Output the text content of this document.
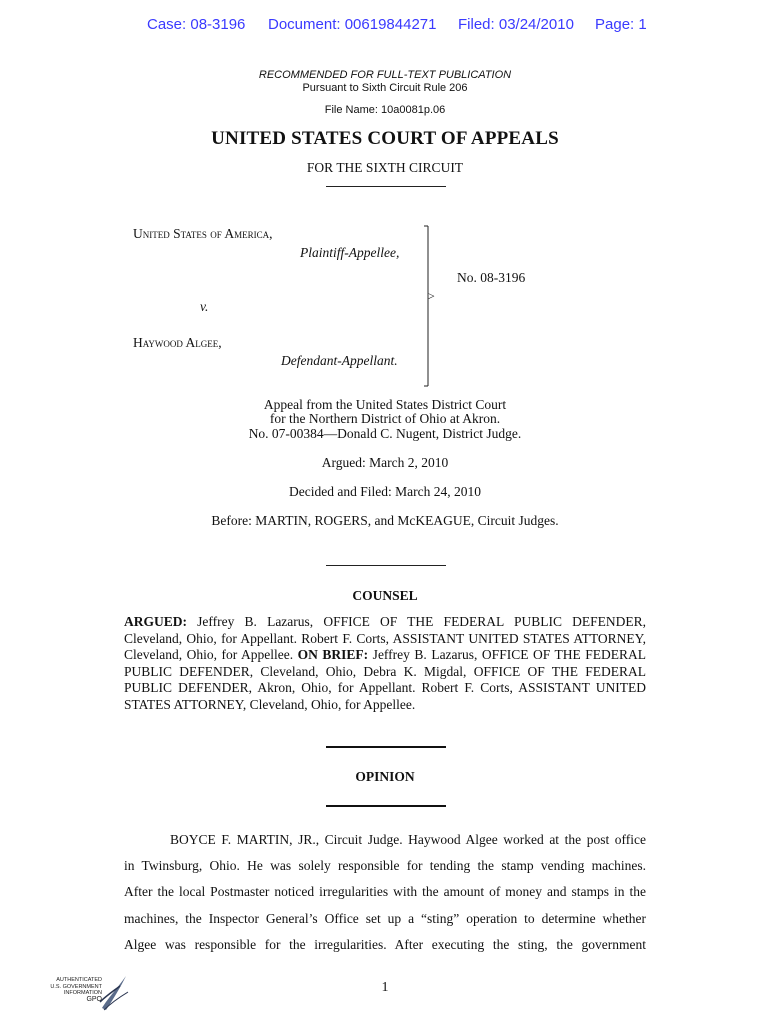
Case: 08-3196 Document: 00619844271 Filed: 03/24/2010 Page: 1
RECOMMENDED FOR FULL-TEXT PUBLICATION
Pursuant to Sixth Circuit Rule 206
File Name: 10a0081p.06
UNITED STATES COURT OF APPEALS
FOR THE SIXTH CIRCUIT
United States of America,
Plaintiff-Appellee,
v.
Haywood Algee,
Defendant-Appellant.
No. 08-3196
>
Appeal from the United States District Court
for the Northern District of Ohio at Akron.
No. 07-00384—Donald C. Nugent, District Judge.
Argued: March 2, 2010
Decided and Filed: March 24, 2010
Before: MARTIN, ROGERS, and McKEAGUE, Circuit Judges.
COUNSEL
ARGUED: Jeffrey B. Lazarus, OFFICE OF THE FEDERAL PUBLIC DEFENDER, Cleveland, Ohio, for Appellant. Robert F. Corts, ASSISTANT UNITED STATES ATTORNEY, Cleveland, Ohio, for Appellee. ON BRIEF: Jeffrey B. Lazarus, OFFICE OF THE FEDERAL PUBLIC DEFENDER, Cleveland, Ohio, Debra K. Migdal, OFFICE OF THE FEDERAL PUBLIC DEFENDER, Akron, Ohio, for Appellant. Robert F. Corts, ASSISTANT UNITED STATES ATTORNEY, Cleveland, Ohio, for Appellee.
OPINION
BOYCE F. MARTIN, JR., Circuit Judge. Haywood Algee worked at the post office
in Twinsburg, Ohio. He was solely responsible for tending the stamp vending machines.
After the local Postmaster noticed irregularities with the amount of money and stamps in the
machines, the Inspector General’s Office set up a “sting” operation to determine whether
Algee was responsible for the irregularities. After executing the sting, the government
AUTHENTICATED
U.S. GOVERNMENT
INFORMATION
GPO
1
